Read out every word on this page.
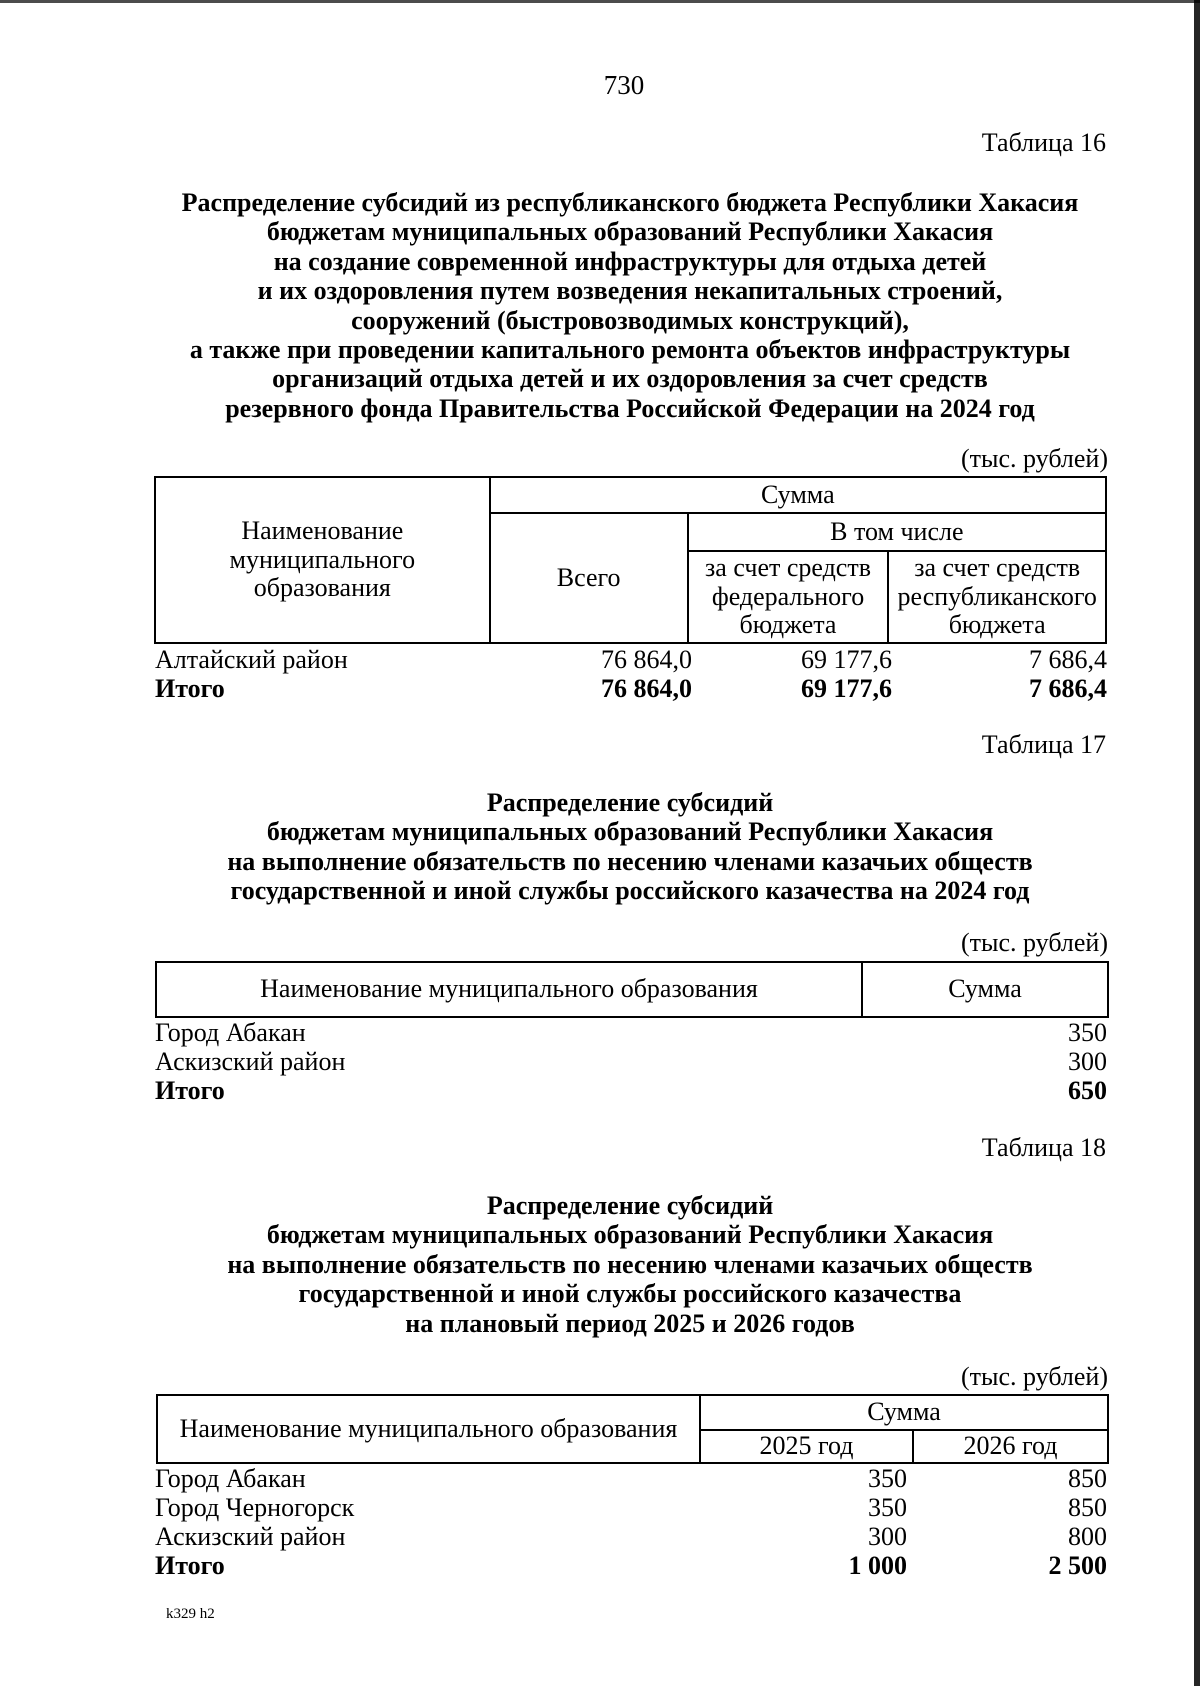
730
Таблица 16
Распределение субсидий из республиканского бюджета Республики Хакасия
бюджетам муниципальных образований Республики Хакасия
на создание современной инфраструктуры для отдыха детей
и их оздоровления путем возведения некапитальных строений,
сооружений (быстровозводимых конструкций),
а также при проведении капитального ремонта объектов инфраструктуры
организаций отдыха детей и их оздоровления за счет средств
резервного фонда Правительства Российской Федерации на 2024 год
(тыс. рублей)
Наименование муниципального образования	Сумма		
	Всего	В том числе	
		за счет средств федерального бюджета	за счет средств республиканского бюджета
Алтайский район	76 864,0	69 177,6	7 686,4
Итого	76 864,0	69 177,6	7 686,4
Таблица 17
Распределение субсидий
бюджетам муниципальных образований Республики Хакасия
на выполнение обязательств по несению членами казачьих обществ
государственной и иной службы российского казачества на 2024 год
(тыс. рублей)
Наименование муниципального образования	Сумма
Город Абакан	350
Аскизский район	300
Итого	650
Таблица 18
Распределение субсидий
бюджетам муниципальных образований Республики Хакасия
на выполнение обязательств по несению членами казачьих обществ
государственной и иной службы российского казачества
на плановый период 2025 и 2026 годов
(тыс. рублей)
Наименование муниципального образования	Сумма	
	2025 год	2026 год
Город Абакан	350	850
Город Черногорск	350	850
Аскизский район	300	800
Итого	1 000	2 500
k329 h2
